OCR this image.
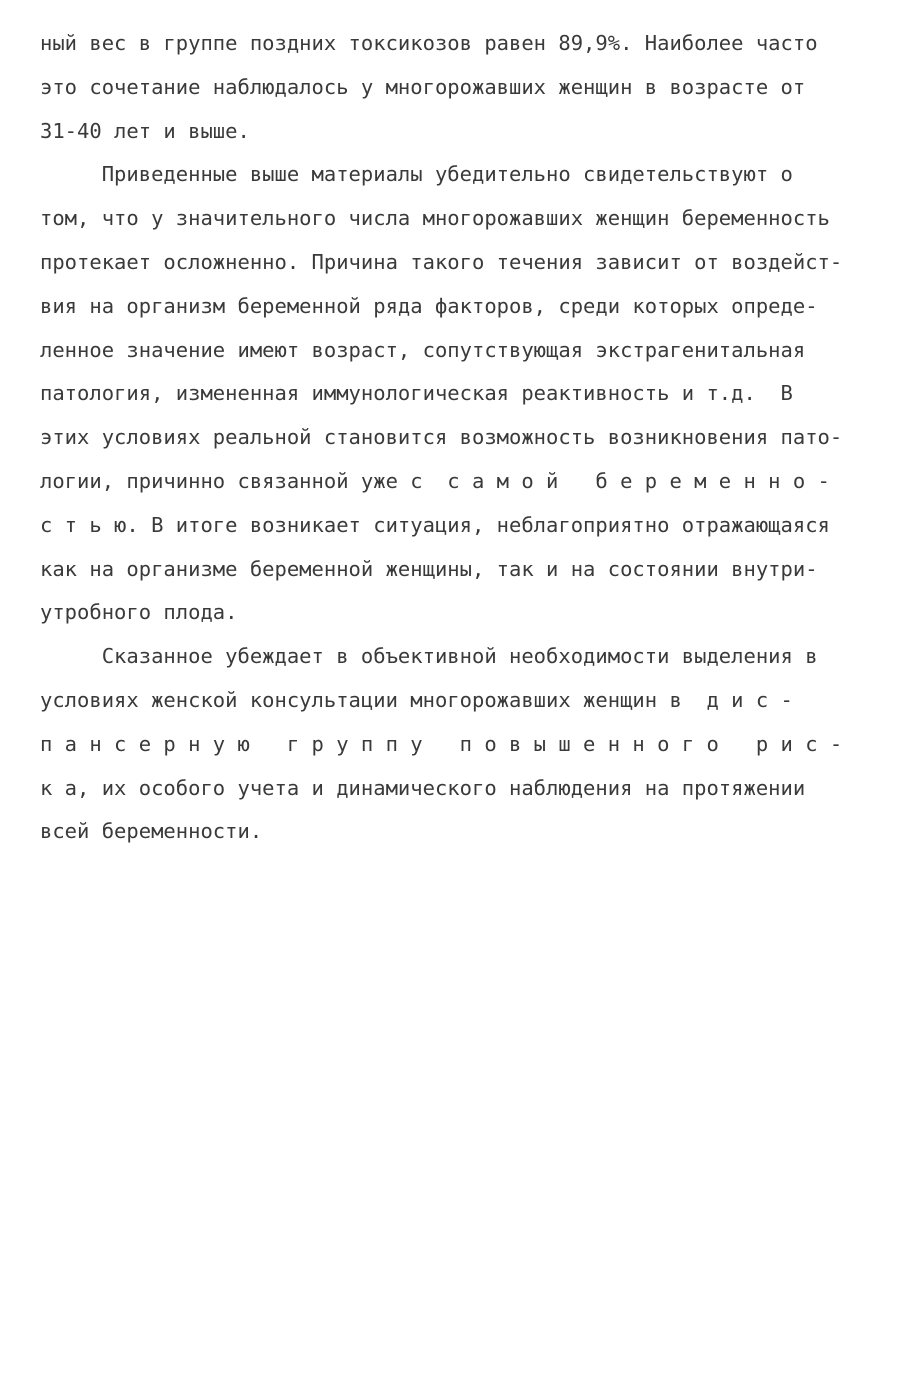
ный вес в группе поздних токсикозов равен 89,9%. Наиболее часто

это сочетание наблюдалось у многорожавших женщин в возрасте от

31-40 лет и выше.

Приведенные выше материалы убедительно свидетельствуют о

том, что у значительного числа многорожавших женщин беременность

протекает осложненно. Причина такого течения зависит от воздейст-

вия на организм беременной ряда факторов, среди которых опреде-

ленное значение имеют возраст, сопутствующая экстрагенитальная

патология, измененная иммунологическая реактивность и т.д.  В

этих условиях реальной становится возможность возникновения пато-

логии, причинно связанной уже с  с а м о й   б е р е м е н н о -

с т ь ю. В итоге возникает ситуация, неблагоприятно отражающаяся

как на организме беременной женщины, так и на состоянии внутри-

утробного плода.

Сказанное убеждает в объективной необходимости выделения в

условиях женской консультации многорожавших женщин в  д и с -

п а н с е р н у ю   г р у п п у   п о в ы ш е н н о г о   р и с -

к а, их особого учета и динамического наблюдения на протяжении

всей беременности.
